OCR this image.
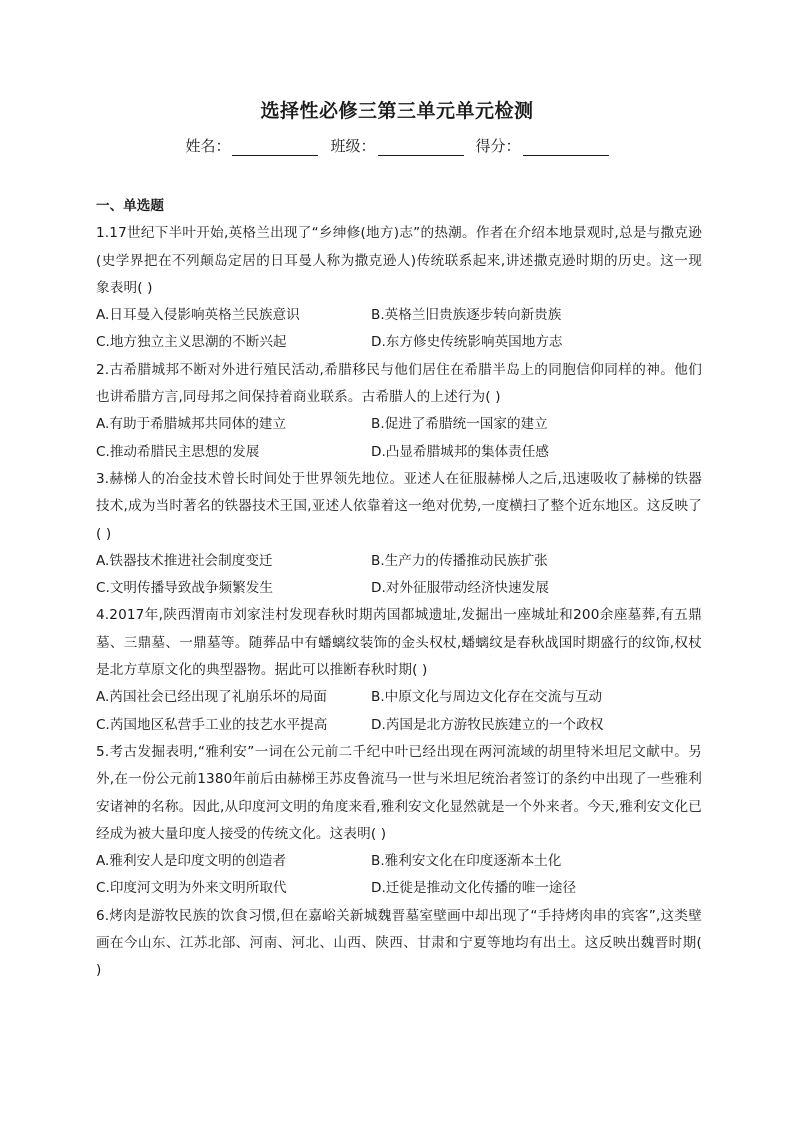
选择性必修三第三单元单元检测
姓名：	班级：	得分：

一、单选题

1.17世纪下半叶开始,英格兰出现了“乡绅修(地方)志”的热潮。作者在介绍本地景观时,总是与撒克逊(史学界把在不列颠岛定居的日耳曼人称为撒克逊人)传统联系起来,讲述撒克逊时期的历史。这一现象表明( )

A.日耳曼入侵影响英格兰民族意识	B.英格兰旧贵族逐步转向新贵族
C.地方独立主义思潮的不断兴起	D.东方修史传统影响英国地方志

2.古希腊城邦不断对外进行殖民活动,希腊移民与他们居住在希腊半岛上的同胞信仰同样的神。他们也讲希腊方言,同母邦之间保持着商业联系。古希腊人的上述行为( )

A.有助于希腊城邦共同体的建立	B.促进了希腊统一国家的建立
C.推动希腊民主思想的发展	D.凸显希腊城邦的集体责任感

3.赫梯人的冶金技术曾长时间处于世界领先地位。亚述人在征服赫梯人之后,迅速吸收了赫梯的铁器技术,成为当时著名的铁器技术王国,亚述人依靠着这一绝对优势,一度横扫了整个近东地区。这反映了( )

A.铁器技术推进社会制度变迁	B.生产力的传播推动民族扩张
C.文明传播导致战争频繁发生	D.对外征服带动经济快速发展

4.2017年,陕西渭南市刘家洼村发现春秋时期芮国都城遗址,发掘出一座城址和200余座墓葬,有五鼎墓、三鼎墓、一鼎墓等。随葬品中有蟠螭纹装饰的金头权杖,蟠螭纹是春秋战国时期盛行的纹饰,权杖是北方草原文化的典型器物。据此可以推断春秋时期( )

A.芮国社会已经出现了礼崩乐坏的局面	B.中原文化与周边文化存在交流与互动
C.芮国地区私营手工业的技艺水平提高	D.芮国是北方游牧民族建立的一个政权

5.考古发掘表明,“雅利安”一词在公元前二千纪中叶已经出现在两河流域的胡里特米坦尼文献中。另外,在一份公元前1380年前后由赫梯王苏皮鲁流马一世与米坦尼统治者签订的条约中出现了一些雅利安诸神的名称。因此,从印度河文明的角度来看,雅利安文化显然就是一个外来者。今天,雅利安文化已经成为被大量印度人接受的传统文化。这表明( )

A.雅利安人是印度文明的创造者	B.雅利安文化在印度逐渐本土化
C.印度河文明为外来文明所取代	D.迁徙是推动文化传播的唯一途径

6.烤肉是游牧民族的饮食习惯,但在嘉峪关新城魏晋墓室壁画中却出现了“手持烤肉串的宾客”,这类壁画在今山东、江苏北部、河南、河北、山西、陕西、甘肃和宁夏等地均有出土。这反映出魏晋时期( )
